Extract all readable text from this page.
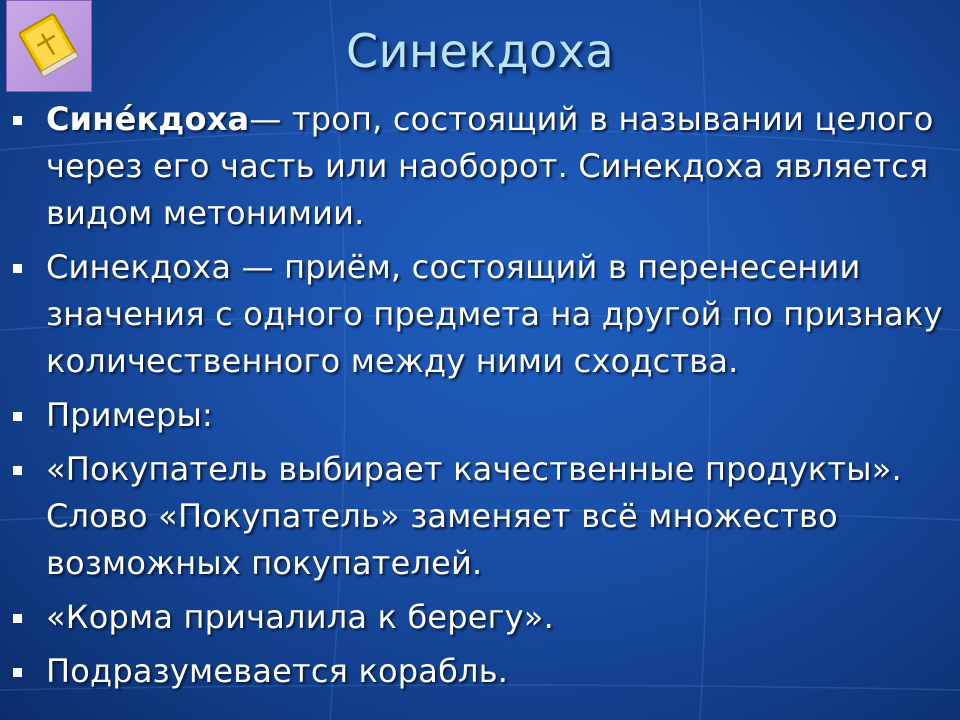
Синекдоха
Сине́кдоха— троп, состоящий в назывании целого через его часть или наоборот. Синекдоха является видом метонимии.
Синекдоха — приём, состоящий в перенесении значения с одного предмета на другой по признаку количественного между ними сходства.
Примеры:
«Покупатель выбирает качественные продукты». Слово «Покупатель» заменяет всё множество возможных покупателей.
«Корма причалила к берегу».
Подразумевается корабль.
